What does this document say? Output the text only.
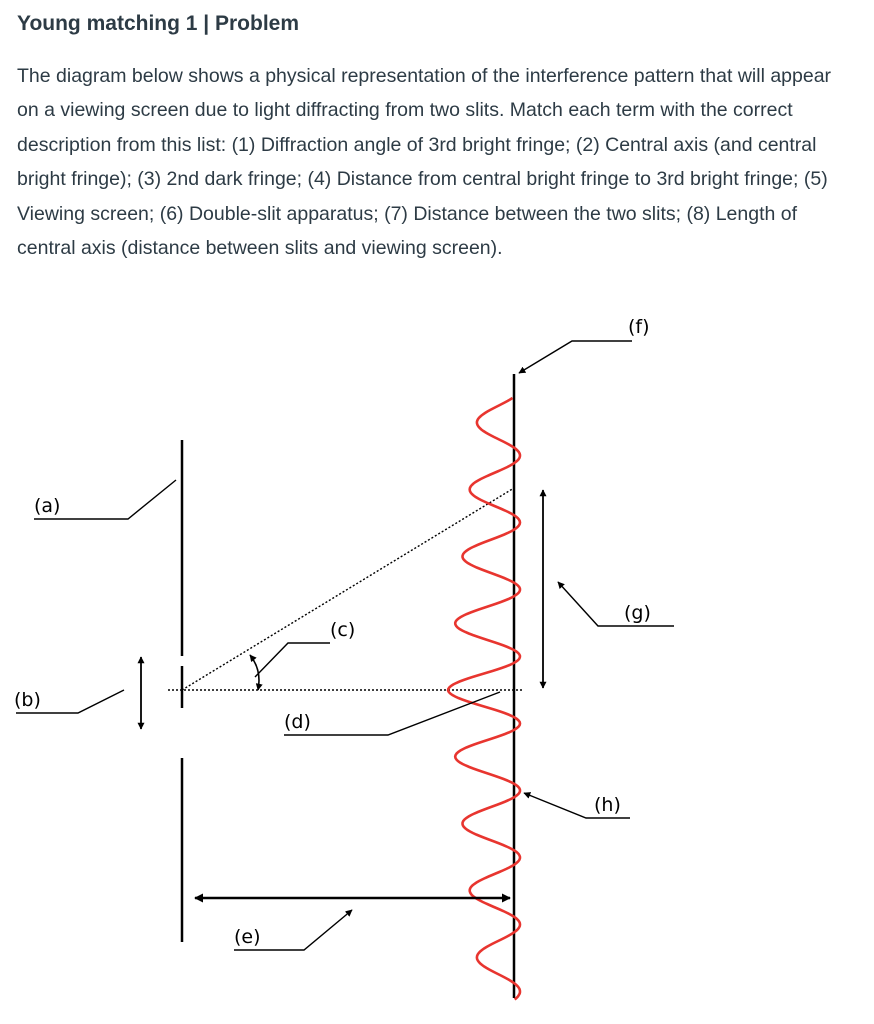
Young matching 1 | Problem
The diagram below shows a physical representation of the interference pattern that will appear on a viewing screen due to light diffracting from two slits. Match each term with the correct description from this list: (1) Diffraction angle of 3rd bright fringe; (2) Central axis (and central bright fringe); (3) 2nd dark fringe; (4) Distance from central bright fringe to 3rd bright fringe; (5) Viewing screen; (6) Double-slit apparatus; (7) Distance between the two slits; (8) Length of central axis (distance between slits and viewing screen).
(a)
(b)
(c)
(d)
(e)
(f)
(g)
(h)
